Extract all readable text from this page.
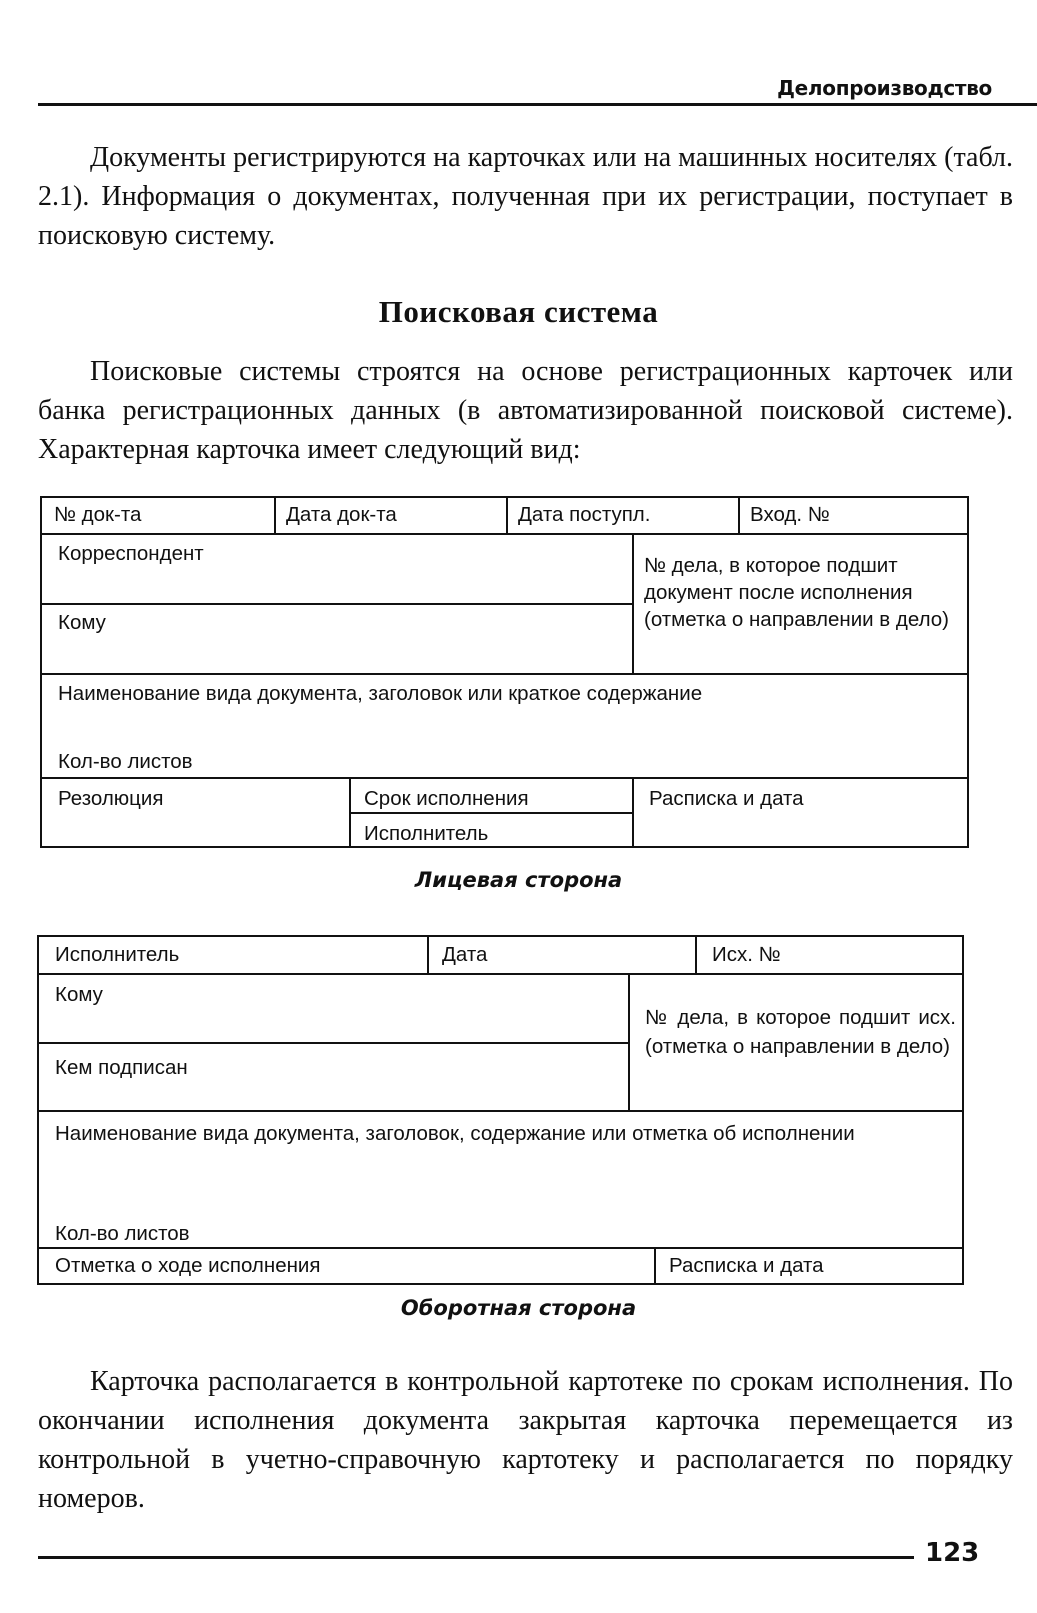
Делопроизводство

Документы регистрируются на карточках или на машинных носителях (табл. 2.1). Информация о документах, полученная при их регистрации, поступает в поисковую систему.

Поисковая система

Поисковые системы строятся на основе регистрационных карточек или банка регистрационных данных (в автоматизированной поисковой системе). Характерная карточка имеет следующий вид:

№ док-та	Дата док-та	Дата поступл.	Вход. №
Корреспондент
Кому
№ дела, в которое подшит документ после исполнения (отметка о направлении в дело)
Наименование вида документа, заголовок или краткое содержание
Кол-во листов
Резолюция	Срок исполнения
Исполнитель
Расписка и дата
Лицевая сторона
Исполнитель	Дата	Исх. №
Кому
Кем подписан
№ дела, в которое подшит исх. (отметка о направлении в дело)
Наименование вида документа, заголовок, содержание или отметка об исполнении
Кол-во листов
Отметка о ходе исполнения	Расписка и дата
Оборотная сторона

Карточка располагается в контрольной картотеке по срокам исполнения. По окончании исполнения документа закрытая карточка перемещается из контрольной в учетно-справочную картотеку и располагается по порядку номеров.

123
